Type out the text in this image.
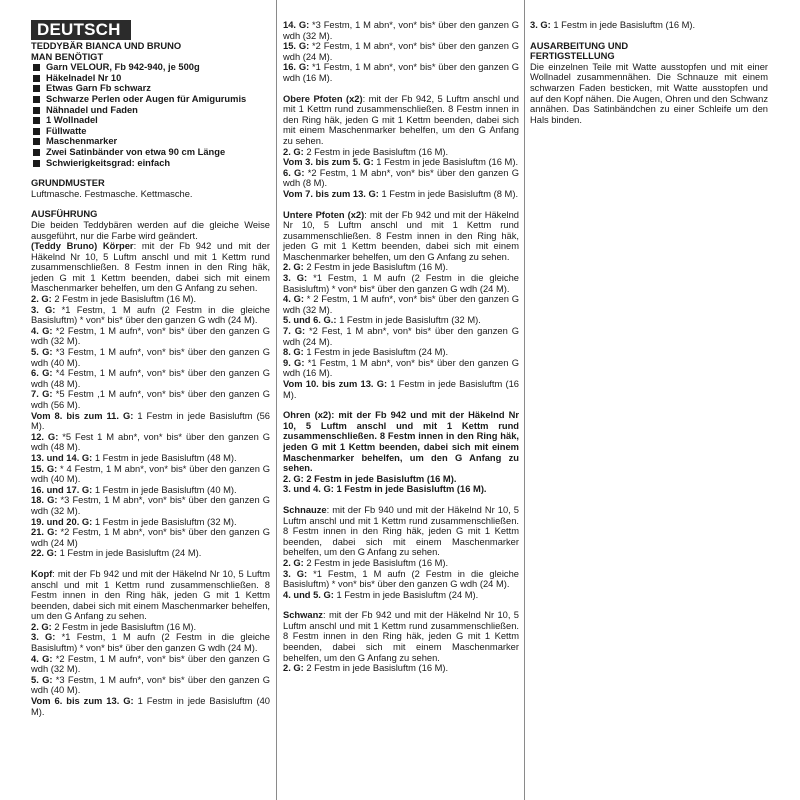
DEUTSCH

TEDDYBÄR BIANCA UND BRUNO

MAN BENÖTIGT

Garn VELOUR, Fb 942-940, je 500g
Häkelnadel Nr 10
Etwas Garn Fb schwarz
Schwarze Perlen oder Augen für Amigurumis
Nähnadel und Faden
1 Wollnadel
Füllwatte
Maschenmarker
Zwei Satinbänder von etwa 90 cm Länge
Schwierigkeitsgrad: einfach

GRUNDMUSTER

Luftmasche. Festmasche. Kettmasche.

AUSFÜHRUNG

Die beiden Teddybären werden auf die gleiche Weise ausgeführt, nur die Farbe wird geändert.

(Teddy Bruno) Körper: mit der Fb 942 und mit der Häkelnd Nr 10, 5 Luftm anschl und mit 1 Kettm rund zusammenschließen. 8 Festm innen in den Ring häk, jeden G mit 1 Kettm beenden, dabei sich mit einem Maschenmarker behelfen, um den G Anfang zu sehen.

2. G: 2 Festm in jede Basisluftm (16 M).

3. G: *1 Festm, 1 M aufn (2 Festm in die gleiche Basisluftm) * von* bis* über den ganzen G wdh (24 M).

4. G: *2 Festm, 1 M aufn*, von* bis* über den ganzen G wdh (32 M).

5. G: *3 Festm, 1 M aufn*, von* bis* über den ganzen G wdh (40 M).

6. G: *4 Festm, 1 M aufn*, von* bis* über den ganzen G wdh (48 M).

7. G: *5 Festm ,1 M aufn*, von* bis* über den ganzen G wdh (56 M).

Vom 8. bis zum 11. G: 1 Festm in jede Basisluftm (56 M).

12. G: *5 Fest 1 M abn*, von* bis* über den ganzen G wdh (48 M).

13. und 14. G: 1 Festm in jede Basisluftm (48 M).

15. G: * 4 Festm, 1 M abn*, von* bis* über den ganzen G wdh (40 M).

16. und 17. G: 1 Festm in jede Basisluftm (40 M).

18. G: *3 Festm, 1 M abn*, von* bis* über den ganzen G wdh (32 M).

19. und 20. G: 1 Festm in jede Basisluftm (32 M).

21. G: *2 Festm, 1 M abn*, von* bis* über den ganzen G wdh (24 M)

22. G: 1 Festm in jede Basisluftm (24 M).

Kopf: mit der Fb 942 und mit der Häkelnd Nr 10, 5 Luftm anschl und mit 1 Kettm rund zusammenschließen. 8 Festm innen in den Ring häk, jeden G mit 1 Kettm beenden, dabei sich mit einem Maschenmarker behelfen, um den G Anfang zu sehen.

2. G: 2 Festm in jede Basisluftm (16 M).

3. G: *1 Festm, 1 M aufn (2 Festm in die gleiche Basisluftm) * von* bis* über den ganzen G wdh (24 M).

4. G: *2 Festm, 1 M aufn*, von* bis* über den ganzen G wdh (32 M).

5. G: *3 Festm, 1 M aufn*, von* bis* über den ganzen G wdh (40 M).

Vom 6. bis zum 13. G: 1 Festm in jede Basisluftm (40 M).

14. G: *3 Festm, 1 M abn*, von* bis* über den ganzen G wdh (32 M).

15. G: *2 Festm, 1 M abn*, von* bis* über den ganzen G wdh (24 M).

16. G: *1 Festm, 1 M abn*, von* bis* über den ganzen G wdh (16 M).

Obere Pfoten (x2): mit der Fb 942, 5 Luftm anschl und mit 1 Kettm rund zusammenschließen. 8 Festm innen in den Ring häk, jeden G mit 1 Kettm beenden, dabei sich mit einem Maschenmarker behelfen, um den G Anfang zu sehen.

2. G: 2 Festm in jede Basisluftm (16 M).

Vom 3. bis zum 5. G: 1 Festm in jede Basisluftm (16 M).

6. G: *2 Festm, 1 M abn*, von* bis* über den ganzen G wdh (8 M).

Vom 7. bis zum 13. G: 1 Festm in jede Basisluftm (8 M).

Untere Pfoten (x2): mit der Fb 942 und mit der Häkelnd Nr 10, 5 Luftm anschl und mit 1 Kettm rund zusammenschließen. 8 Festm innen in den Ring häk, jeden G mit 1 Kettm beenden, dabei sich mit einem Maschenmarker behelfen, um den G Anfang zu sehen.

2. G: 2 Festm in jede Basisluftm (16 M).

3. G: *1 Festm, 1 M aufn (2 Festm in die gleiche Basisluftm) * von* bis* über den ganzen G wdh (24 M).

4. G: * 2 Festm, 1 M aufn*, von* bis* über den ganzen G wdh (32 M).

5. und 6. G.: 1 Festm in jede Basisluftm (32 M).

7. G: *2 Fest, 1 M abn*, von* bis* über den ganzen G wdh (24 M).

8. G: 1 Festm in jede Basisluftm (24 M).

9. G: *1 Festm, 1 M abn*, von* bis* über den ganzen G wdh (16 M).

Vom 10. bis zum 13. G: 1 Festm in jede Basisluftm (16 M).

Ohren (x2): mit der Fb 942 und mit der Häkelnd Nr 10, 5 Luftm anschl und mit 1 Kettm rund zusammenschließen. 8 Festm innen in den Ring häk, jeden G mit 1 Kettm beenden, dabei sich mit einem Maschenmarker behelfen, um den G Anfang zu sehen.

2. G: 2 Festm in jede Basisluftm (16 M).

3. und 4. G: 1 Festm in jede Basisluftm (16 M).

Schnauze: mit der Fb 940 und mit der Häkelnd Nr 10, 5 Luftm anschl und mit 1 Kettm rund zusammenschließen. 8 Festm innen in den Ring häk, jeden G mit 1 Kettm beenden, dabei sich mit einem Maschenmarker behelfen, um den G Anfang zu sehen.

2. G: 2 Festm in jede Basisluftm (16 M).

3. G: *1 Festm, 1 M aufn (2 Festm in die gleiche Basisluftm) * von* bis* über den ganzen G wdh (24 M).

4. und 5. G: 1 Festm in jede Basisluftm (24 M).

Schwanz: mit der Fb 942 und mit der Häkelnd Nr 10, 5 Luftm anschl und mit 1 Kettm rund zusammenschließen. 8 Festm innen in den Ring häk, jeden G mit 1 Kettm beenden, dabei sich mit einem Maschenmarker behelfen, um den G Anfang zu sehen.

2. G: 2 Festm in jede Basisluftm (16 M).

3. G: 1 Festm in jede Basisluftm (16 M).

AUSARBEITUNG UND

FERTIGSTELLUNG

Die einzelnen Teile mit Watte ausstopfen und mit einer Wollnadel zusammennähen. Die Schnauze mit einem schwarzen Faden besticken, mit Watte ausstopfen und auf den Kopf nähen. Die Augen, Ohren und den Schwanz annähen. Das Satinbändchen zu einer Schleife um den Hals binden.
